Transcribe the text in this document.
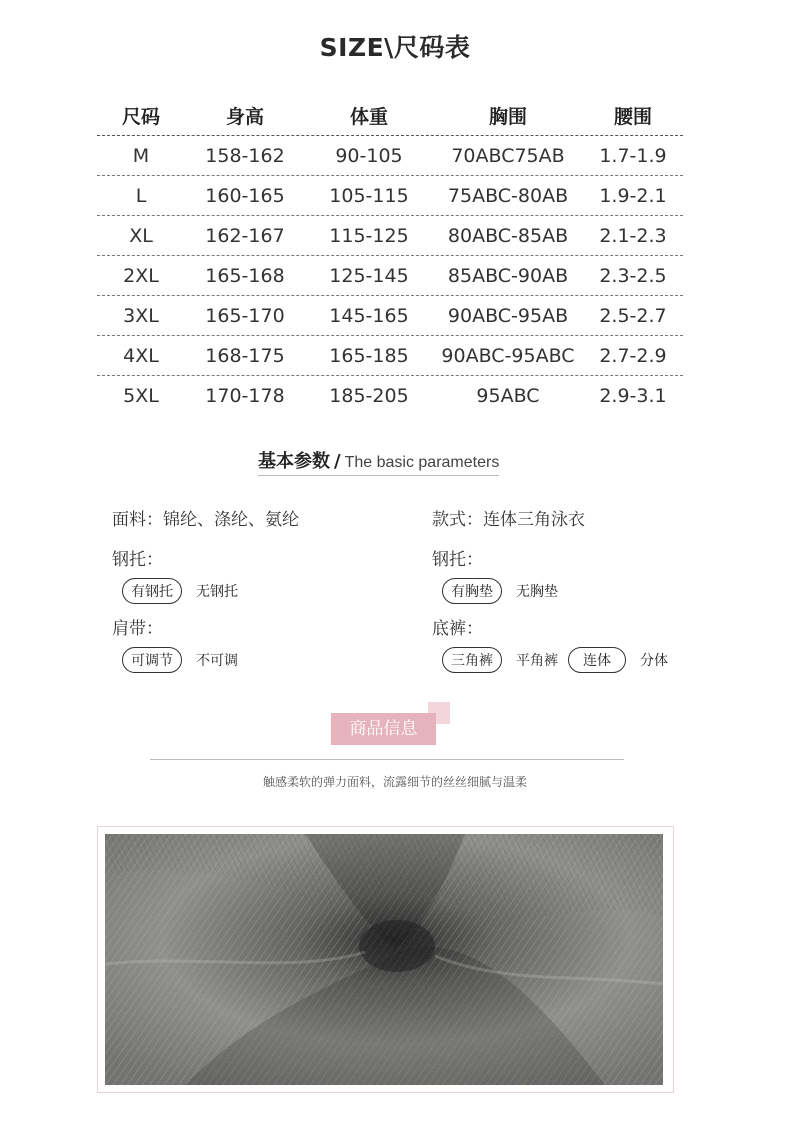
SIZE\尺码表
尺码	身高	体重	胸围	腰围
M	158-162	90-105	70ABC75AB	1.7-1.9
L	160-165	105-115	75ABC-80AB	1.9-2.1
XL	162-167	115-125	80ABC-85AB	2.1-2.3
2XL	165-168	125-145	85ABC-90AB	2.3-2.5
3XL	165-170	145-165	90ABC-95AB	2.5-2.7
4XL	168-175	165-185	90ABC-95ABC	2.7-2.9
5XL	170-178	185-205	95ABC	2.9-3.1
基本参数 / The basic parameters
面料：锦纶、涤纶、氨纶	款式：连体三角泳衣
钢托：
有钢托	无钢托
钢托：
有胸垫	无胸垫
肩带：
可调节	不可调
底裤：
三角裤	平角裤	连体	分体
商品信息
触感柔软的弹力面料，流露细节的丝丝细腻与温柔
